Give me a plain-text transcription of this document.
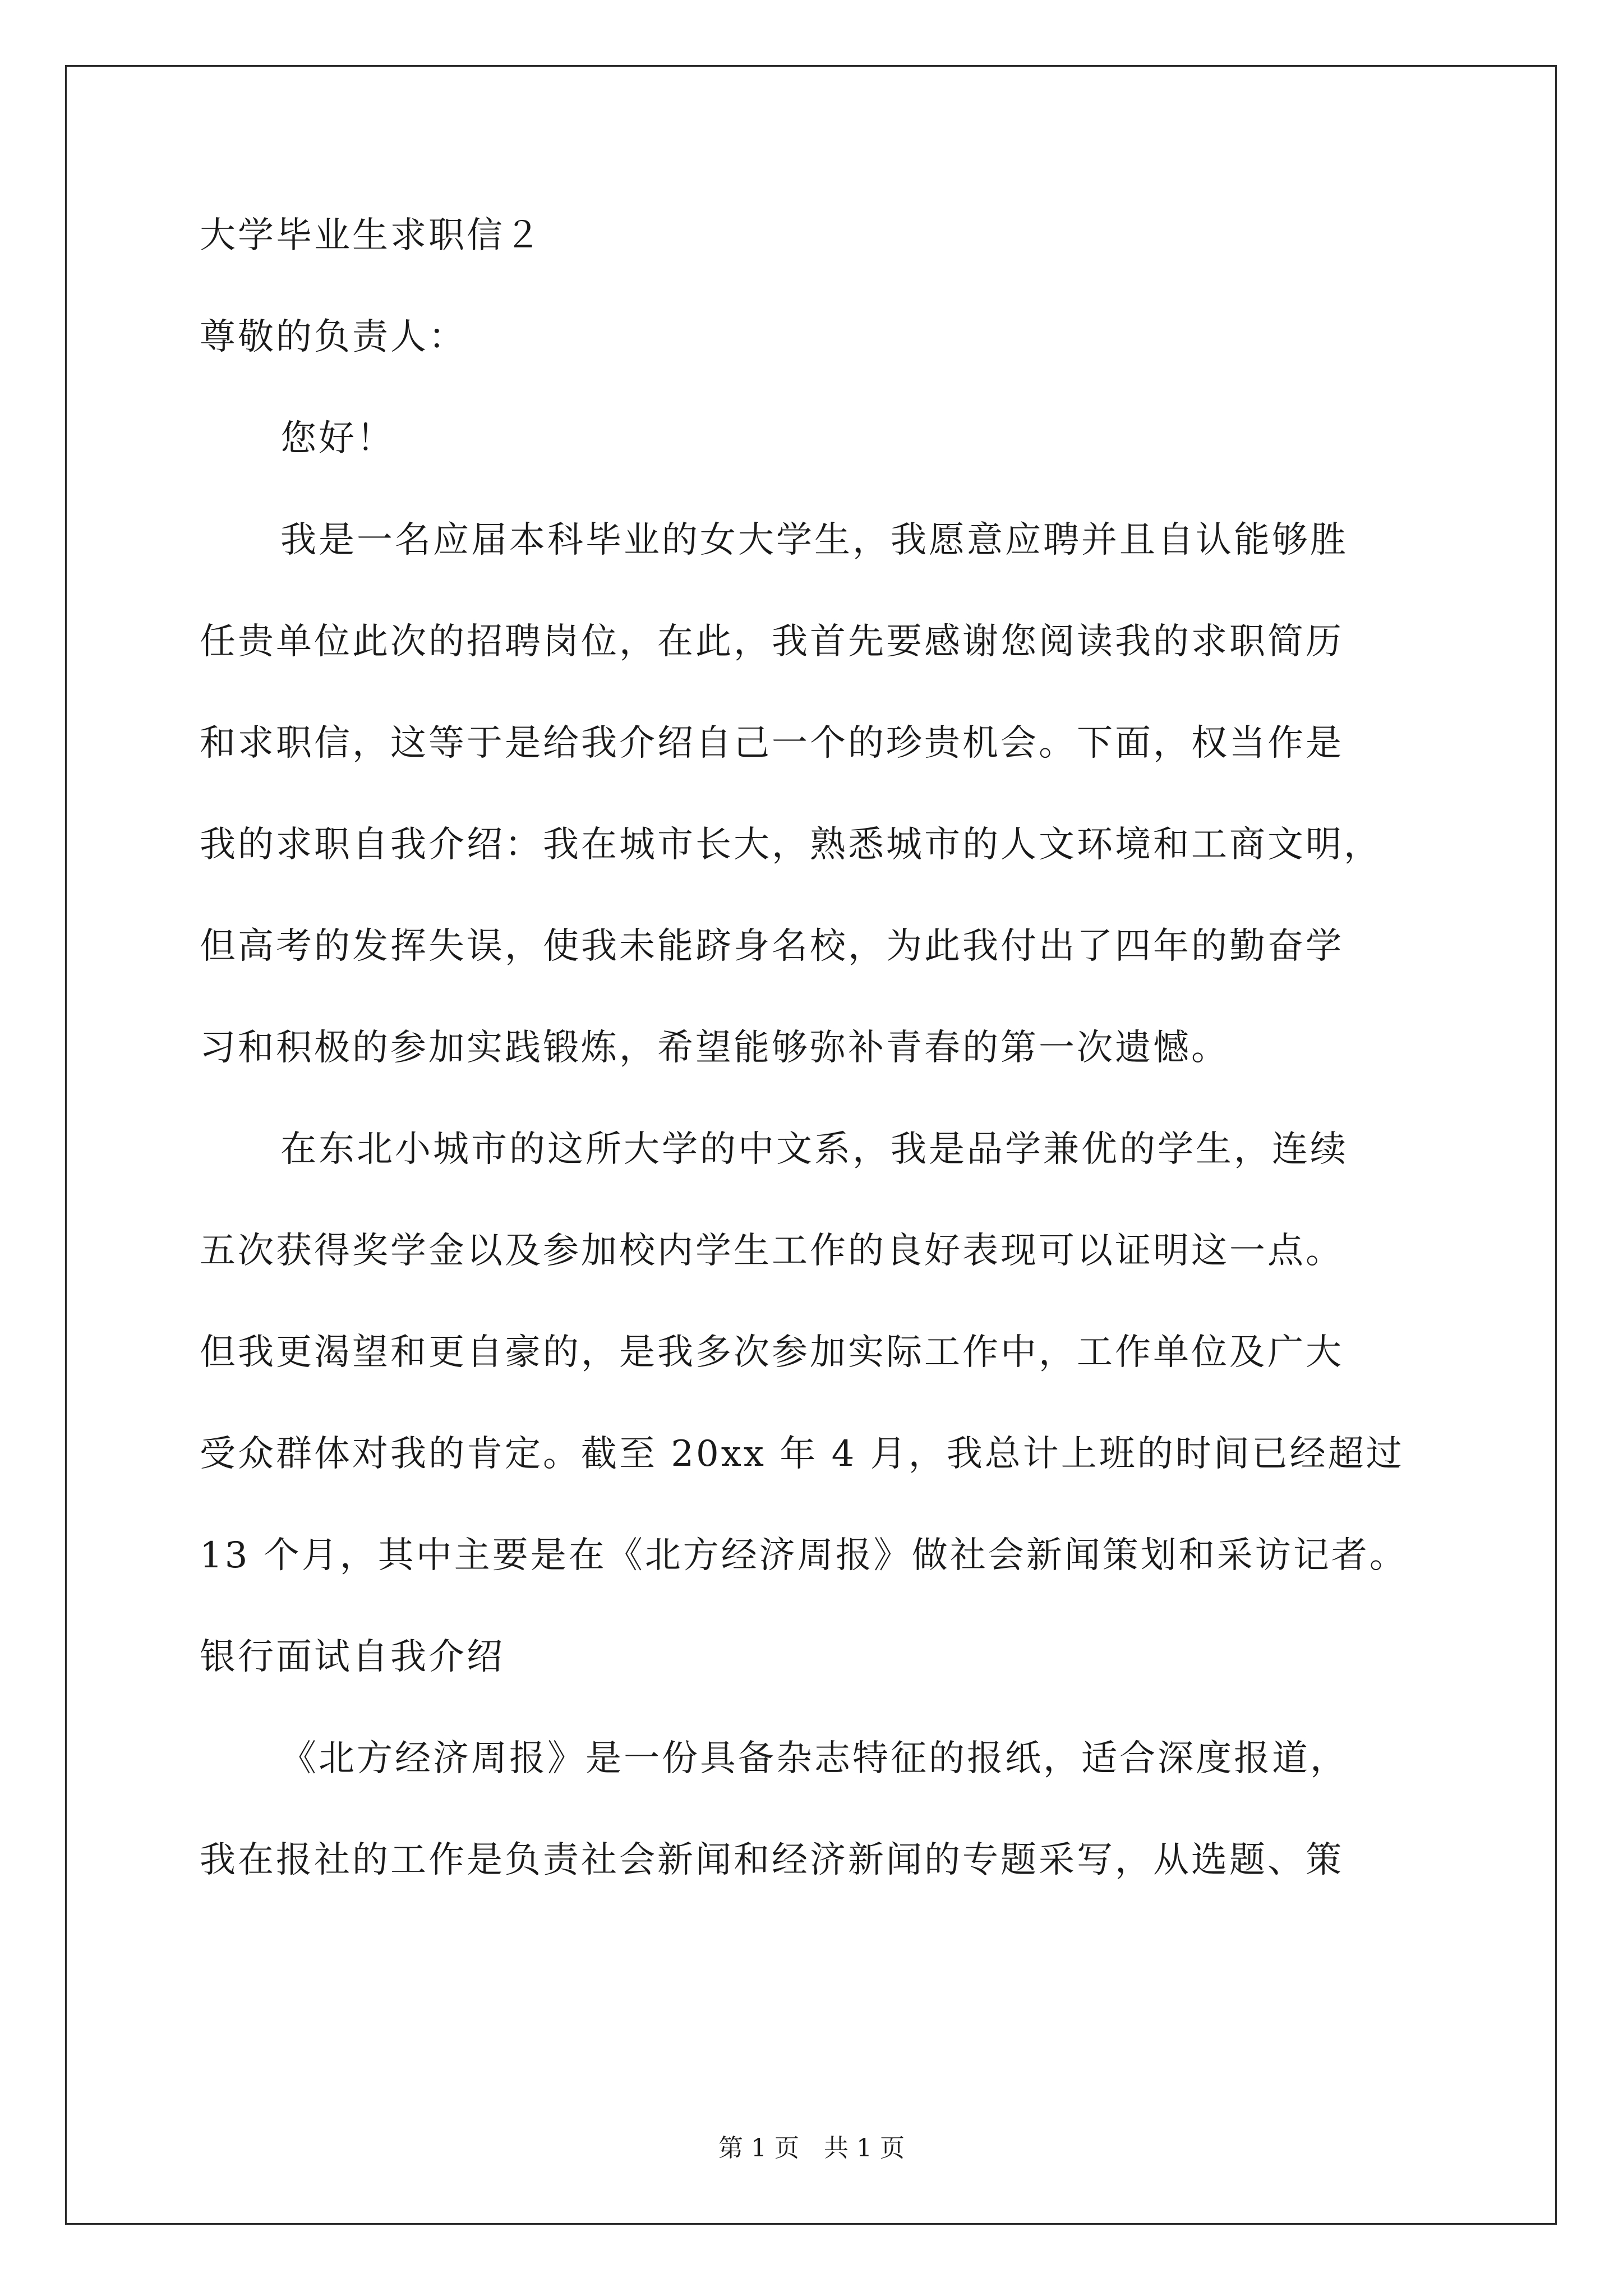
大学毕业生求职信２
尊敬的负责人：
您好！
我是一名应届本科毕业的女大学生，我愿意应聘并且自认能够胜
任贵单位此次的招聘岗位，在此，我首先要感谢您阅读我的求职简历
和求职信，这等于是给我介绍自己一个的珍贵机会。下面，权当作是
我的求职自我介绍：我在城市长大，熟悉城市的人文环境和工商文明，
但高考的发挥失误，使我未能跻身名校，为此我付出了四年的勤奋学
习和积极的参加实践锻炼，希望能够弥补青春的第一次遗憾。
在东北小城市的这所大学的中文系，我是品学兼优的学生，连续
五次获得奖学金以及参加校内学生工作的良好表现可以证明这一点。
但我更渴望和更自豪的，是我多次参加实际工作中，工作单位及广大
受众群体对我的肯定。截至 20xx 年 4 月，我总计上班的时间已经超过
13 个月，其中主要是在《北方经济周报》做社会新闻策划和采访记者。
银行面试自我介绍
《北方经济周报》是一份具备杂志特征的报纸，适合深度报道，
我在报社的工作是负责社会新闻和经济新闻的专题采写，从选题、策
第 1 页　共 1 页
